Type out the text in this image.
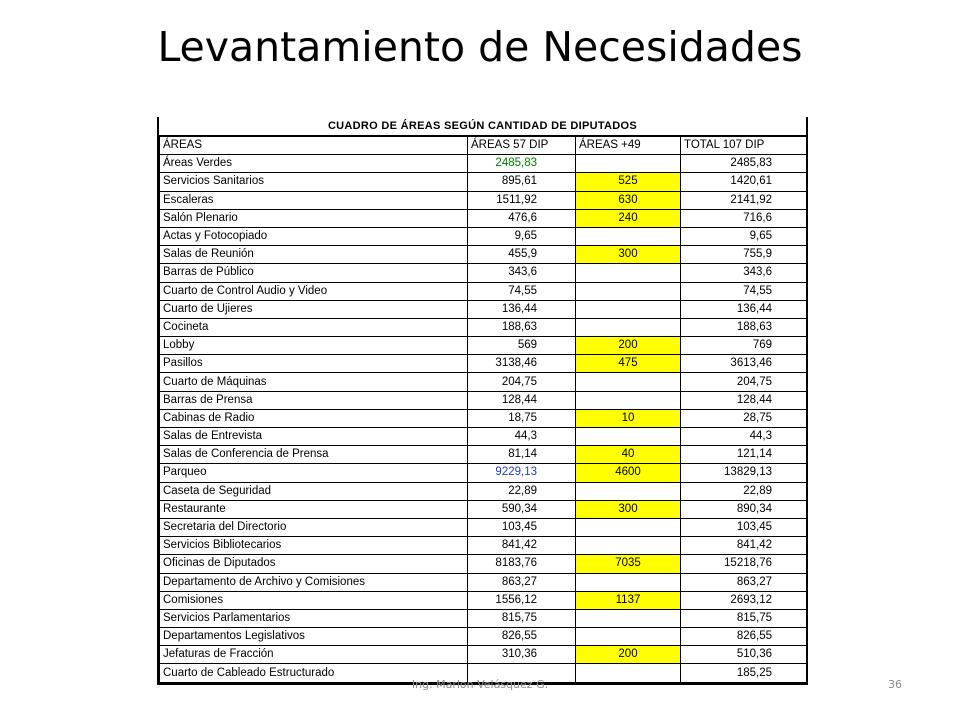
Levantamiento de Necesidades
CUADRO DE ÁREAS SEGÚN CANTIDAD DE DIPUTADOS
ÁREAS	ÁREAS 57 DIP	ÁREAS +49	TOTAL 107 DIP
Áreas Verdes	2485,83		2485,83
Servicios Sanitarios	895,61	525	1420,61
Escaleras	1511,92	630	2141,92
Salón Plenario	476,6	240	716,6
Actas y Fotocopiado	9,65		9,65
Salas de Reunión	455,9	300	755,9
Barras de Público	343,6		343,6
Cuarto de Control Audio y Video	74,55		74,55
Cuarto de Ujieres	136,44		136,44
Cocineta	188,63		188,63
Lobby	569	200	769
Pasillos	3138,46	475	3613,46
Cuarto de Máquinas	204,75		204,75
Barras de Prensa	128,44		128,44
Cabinas de Radio	18,75	10	28,75
Salas de Entrevista	44,3		44,3
Salas de Conferencia de Prensa	81,14	40	121,14
Parqueo	9229,13	4600	13829,13
Caseta de Seguridad	22,89		22,89
Restaurante	590,34	300	890,34
Secretaria del Directorio	103,45		103,45
Servicios Bibliotecarios	841,42		841,42
Oficinas de Diputados	8183,76	7035	15218,76
Departamento de Archivo y Comisiones	863,27		863,27
Comisiones	1556,12	1137	2693,12
Servicios Parlamentarios	815,75		815,75
Departamentos Legislativos	826,55		826,55
Jefaturas de Fracción	310,36	200	510,36
Cuarto de Cableado Estructurado			185,25
Ing. Marlon Velásquez G.	36
